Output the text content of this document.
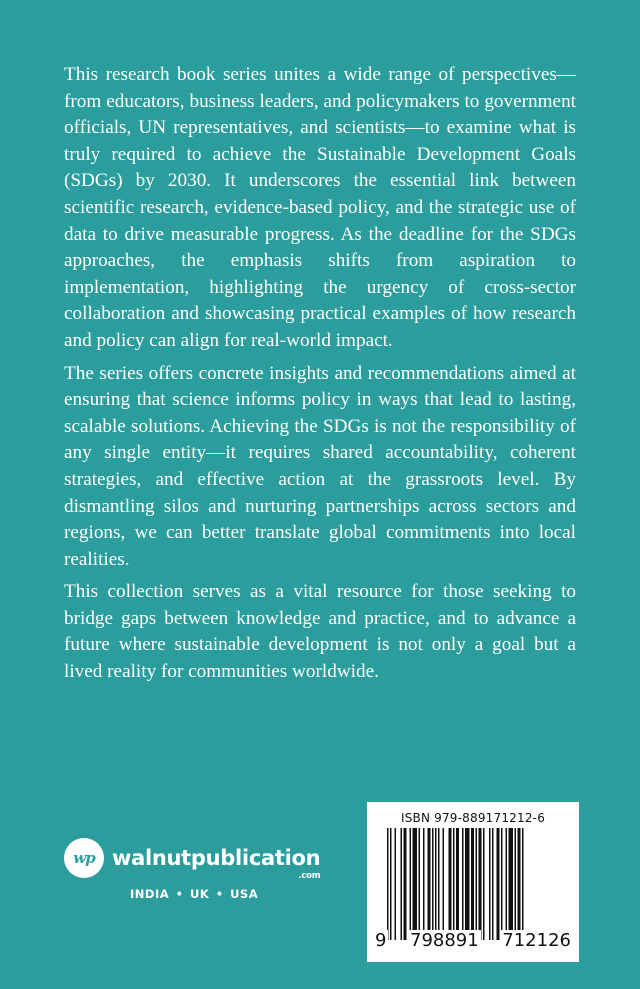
This research book series unites a wide range of perspectives—from educators, business leaders, and policymakers to government officials, UN representatives, and scientists—to examine what is truly required to achieve the Sustainable Development Goals (SDGs) by 2030. It underscores the essential link between scientific research, evidence-based policy, and the strategic use of data to drive measurable progress. As the deadline for the SDGs approaches, the emphasis shifts from aspiration to implementation, highlighting the urgency of cross-sector collaboration and showcasing practical examples of how research and policy can align for real-world impact.

The series offers concrete insights and recommendations aimed at ensuring that science informs policy in ways that lead to lasting, scalable solutions. Achieving the SDGs is not the responsibility of any single entity—it requires shared accountability, coherent strategies, and effective action at the grassroots level. By dismantling silos and nurturing partnerships across sectors and regions, we can better translate global commitments into local realities.

This collection serves as a vital resource for those seeking to bridge gaps between knowledge and practice, and to advance a future where sustainable development is not only a goal but a lived reality for communities worldwide.

wp walnutpublication
.com
INDIA • UK • USA
ISBN 979-889171212-6
9 798891 712126
